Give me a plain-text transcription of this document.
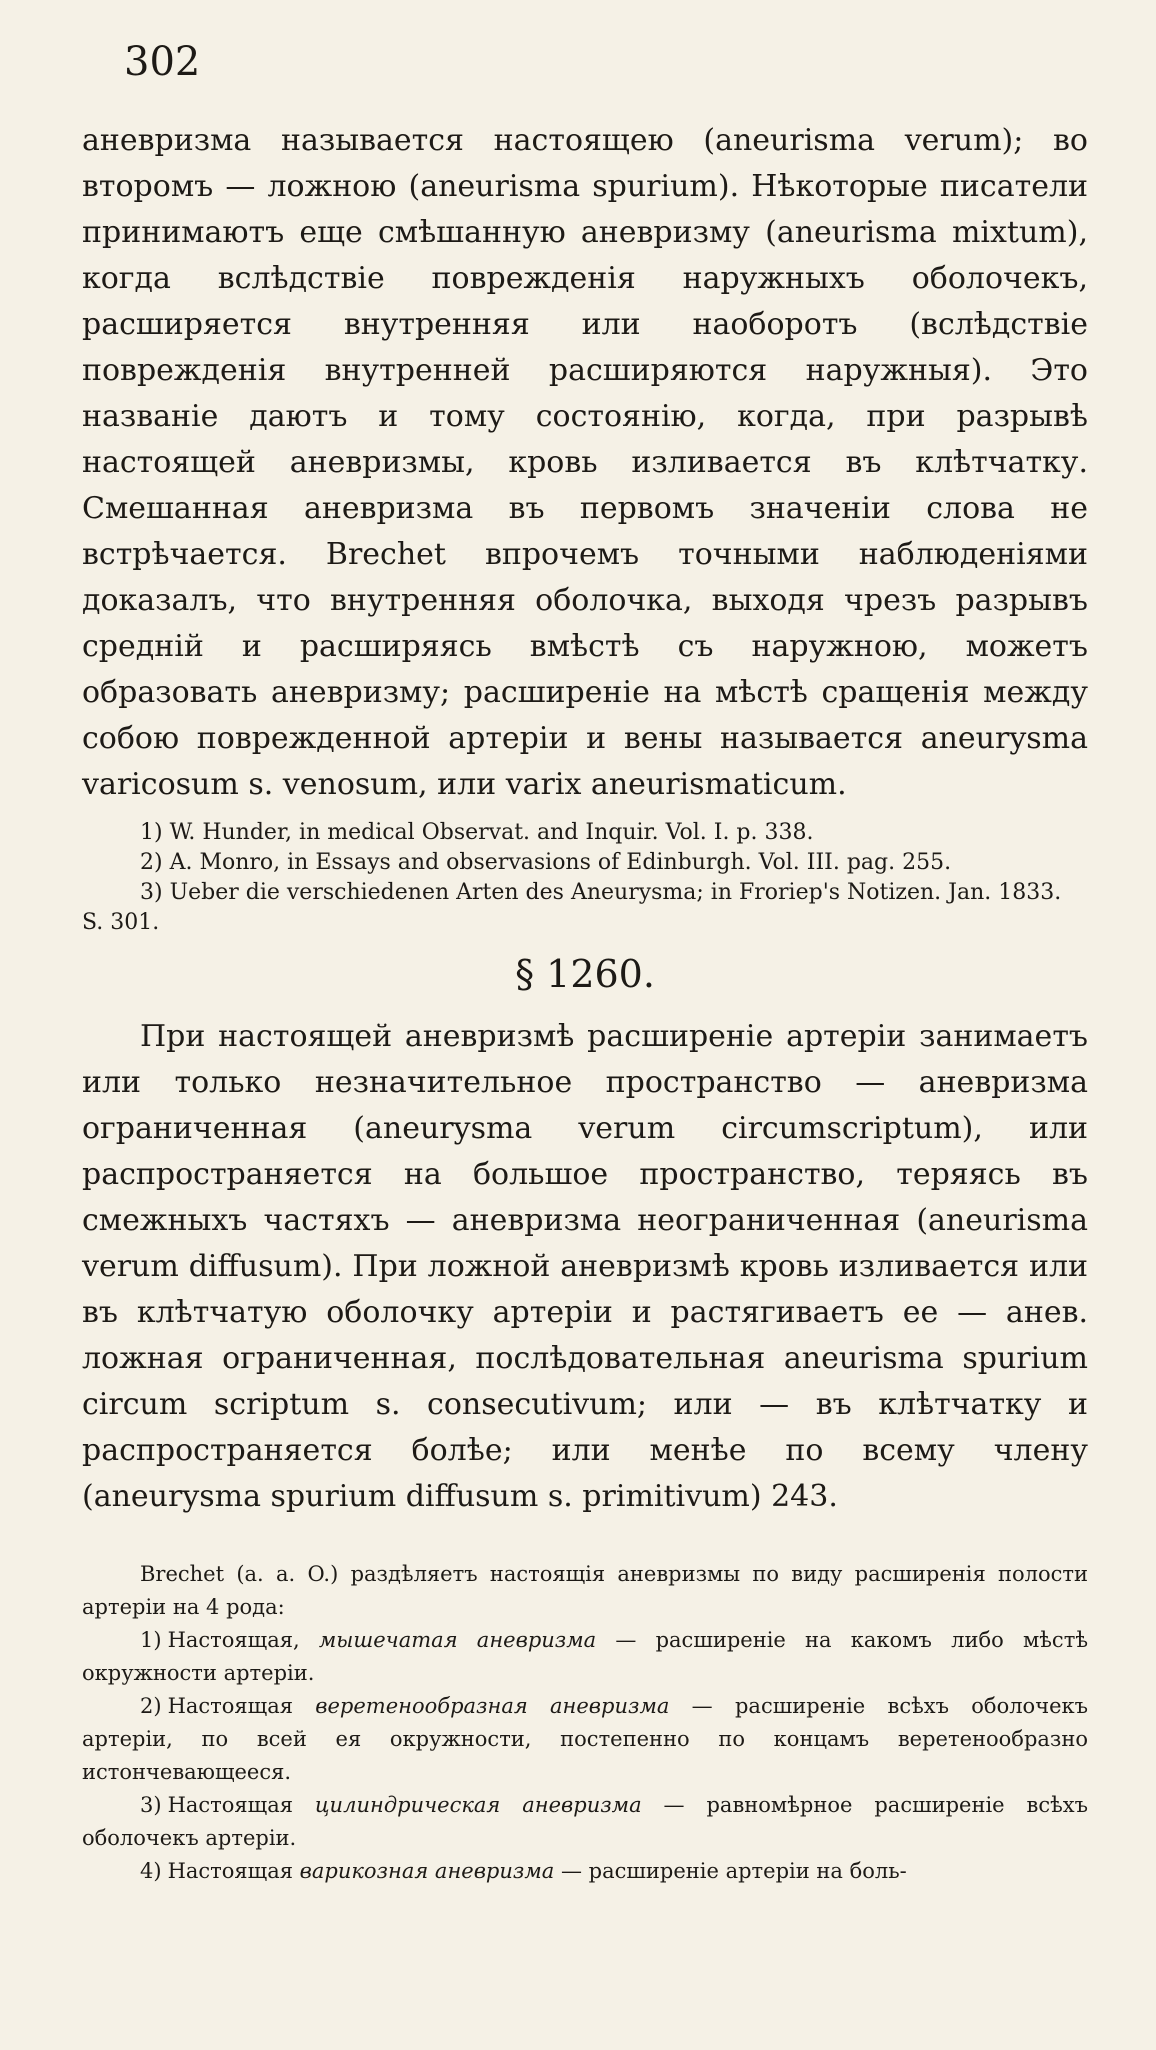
302

аневризма называется настоящею (aneurisma verum); во второмъ — ложною (aneurisma spurium). Нѣкоторые писатели принимаютъ еще смѣшанную аневризму (aneurisma mixtum), когда вслѣдствіе поврежденія наружныхъ оболочекъ, расширяется внутренняя или наоборотъ (вслѣдствіе поврежденія внутренней расширяются наружныя). Это названіе даютъ и тому состоянію, когда, при разрывѣ настоящей аневризмы, кровь изливается въ клѣтчатку. Смешанная аневризма въ первомъ значеніи слова не встрѣчается. Brechet впрочемъ точными наблюденіями доказалъ, что внутренняя оболочка, выходя чрезъ разрывъ средній и расширяясь вмѣстѣ съ наружною, можетъ образовать аневризму; расширеніе на мѣстѣ сращенія между собою поврежденной артеріи и вены называется aneurysma varicosum s. venosum, или varix aneurismaticum.

1) W. Hunder, in medical Observat. and Inquir. Vol. I. p. 338.

2) A. Monro, in Essays and observasions of Edinburgh. Vol. III. pag. 255.

3) Ueber die verschiedenen Arten des Aneurysma; in Froriep's Notizen. Jan. 1833. S. 301.

§ 1260.

При настоящей аневризмѣ расширеніе артеріи занимаетъ или только незначительное пространство — аневризма ограниченная (aneurysma verum circumscriptum), или распространяется на большое пространство, теряясь въ смежныхъ частяхъ — аневризма неограниченная (aneurisma verum diffusum). При ложной аневризмѣ кровь изливается или въ клѣтчатую оболочку артеріи и растягиваетъ ее — анев. ложная ограниченная, послѣдовательная aneurisma spurium circum scriptum s. consecutivum; или — въ клѣтчатку и распространяется болѣе; или менѣе по всему члену (aneurysma spurium diffusum s. primitivum) 243.

Brechet (a. a. O.) раздѣляетъ настоящія аневризмы по виду расширенія полости артеріи на 4 рода:

1) Настоящая, мышечатая аневризма — расширеніе на какомъ либо мѣстѣ окружности артеріи.

2) Настоящая веретенообразная аневризма — расширеніе всѣхъ оболочекъ артеріи, по всей ея окружности, постепенно по концамъ веретенообразно истончевающееся.

3) Настоящая цилиндрическая аневризма — равномѣрное расширеніе всѣхъ оболочекъ артеріи.

4) Настоящая варикозная аневризма — расширеніе артеріи на боль-
